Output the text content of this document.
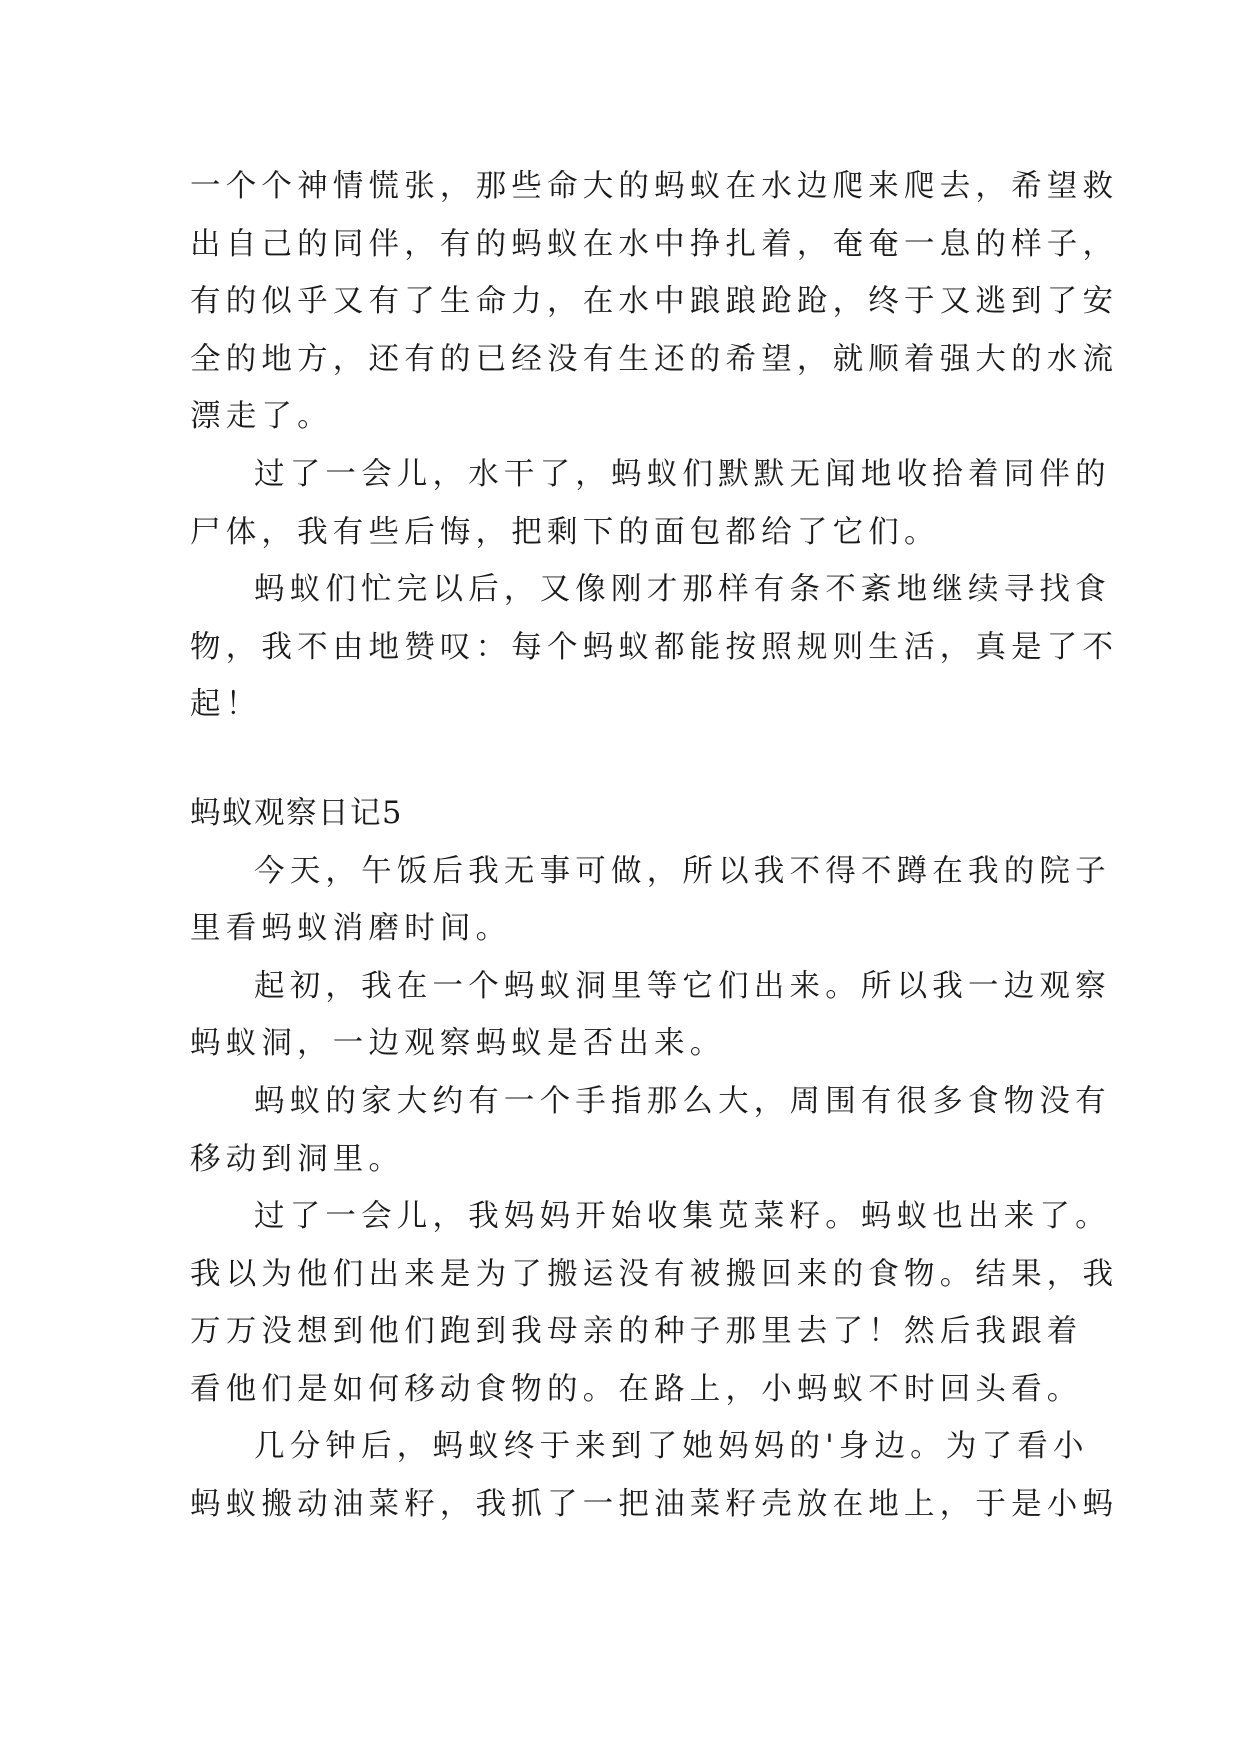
一个个神情慌张，那些命大的蚂蚁在水边爬来爬去，希望救
出自己的同伴，有的蚂蚁在水中挣扎着，奄奄一息的样子，
有的似乎又有了生命力，在水中踉踉跄跄，终于又逃到了安
全的地方，还有的已经没有生还的希望，就顺着强大的水流
漂走了。
过了一会儿，水干了，蚂蚁们默默无闻地收拾着同伴的
尸体，我有些后悔，把剩下的面包都给了它们。
蚂蚁们忙完以后，又像刚才那样有条不紊地继续寻找食
物，我不由地赞叹：每个蚂蚁都能按照规则生活，真是了不
起！
蚂蚁观察日记5
今天，午饭后我无事可做，所以我不得不蹲在我的院子
里看蚂蚁消磨时间。
起初，我在一个蚂蚁洞里等它们出来。所以我一边观察
蚂蚁洞，一边观察蚂蚁是否出来。
蚂蚁的家大约有一个手指那么大，周围有很多食物没有
移动到洞里。
过了一会儿，我妈妈开始收集苋菜籽。蚂蚁也出来了。
我以为他们出来是为了搬运没有被搬回来的食物。结果，我
万万没想到他们跑到我母亲的种子那里去了！然后我跟着
看他们是如何移动食物的。在路上，小蚂蚁不时回头看。
几分钟后，蚂蚁终于来到了她妈妈的'身边。为了看小
蚂蚁搬动油菜籽，我抓了一把油菜籽壳放在地上，于是小蚂
